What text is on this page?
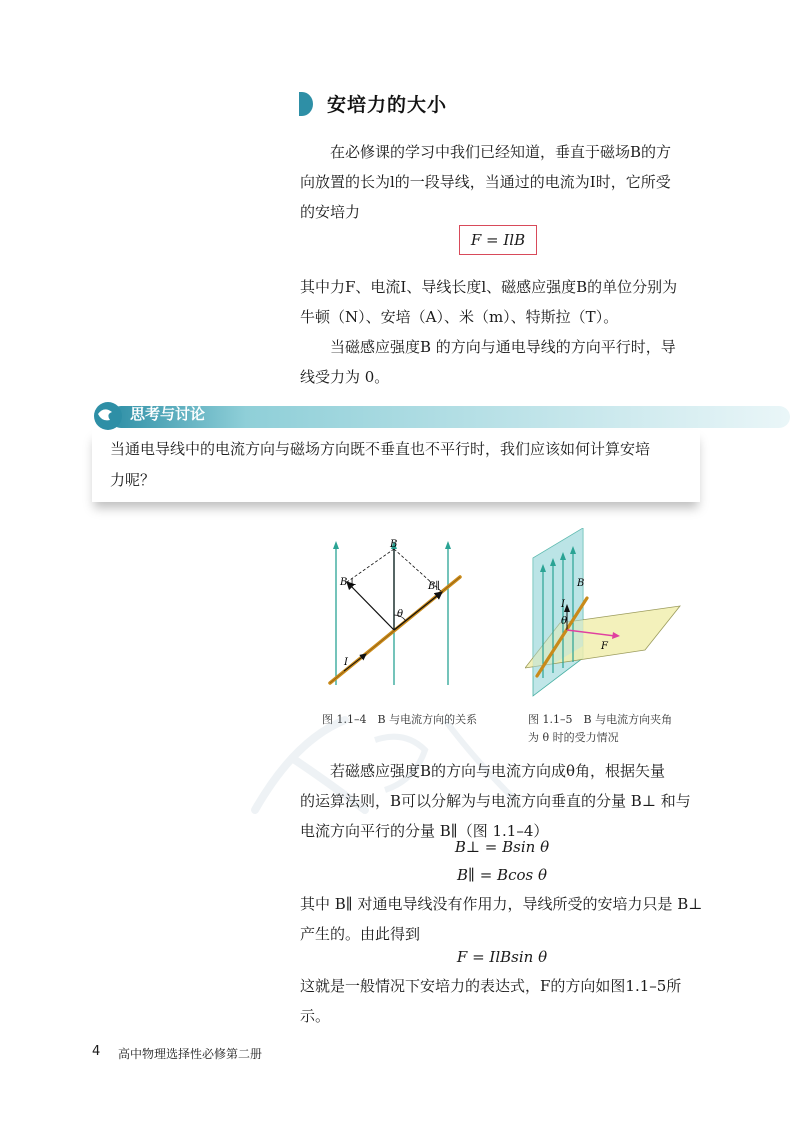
安培力的大小
在必修课的学习中我们已经知道，垂直于磁场B的方
向放置的长为l的一段导线，当通过的电流为I时，它所受
的安培力
F = IlB
其中力F、电流I、导线长度l、磁感应强度B的单位分别为
牛顿（N）、安培（A）、米（m）、特斯拉（T）。
当磁感应强度B 的方向与通电导线的方向平行时，导
线受力为 0。
思考与讨论
当通电导线中的电流方向与磁场方向既不垂直也不平行时，我们应该如何计算安培
力呢？
B
B⊥	B∥
θ
I
图 1.1–4　B 与电流方向的关系
I
θ
B
F
图 1.1–5　B 与电流方向夹角
为 θ 时的受力情况
若磁感应强度B的方向与电流方向成θ角，根据矢量
的运算法则，B可以分解为与电流方向垂直的分量 B⊥ 和与
电流方向平行的分量 B∥（图 1.1–4）
B⊥ = Bsin θ
B∥ = Bcos θ
其中 B∥ 对通电导线没有作用力，导线所受的安培力只是 B⊥
产生的。由此得到
F = IlBsin θ
这就是一般情况下安培力的表达式，F的方向如图1.1–5所示。
4 高中物理选择性必修第二册
